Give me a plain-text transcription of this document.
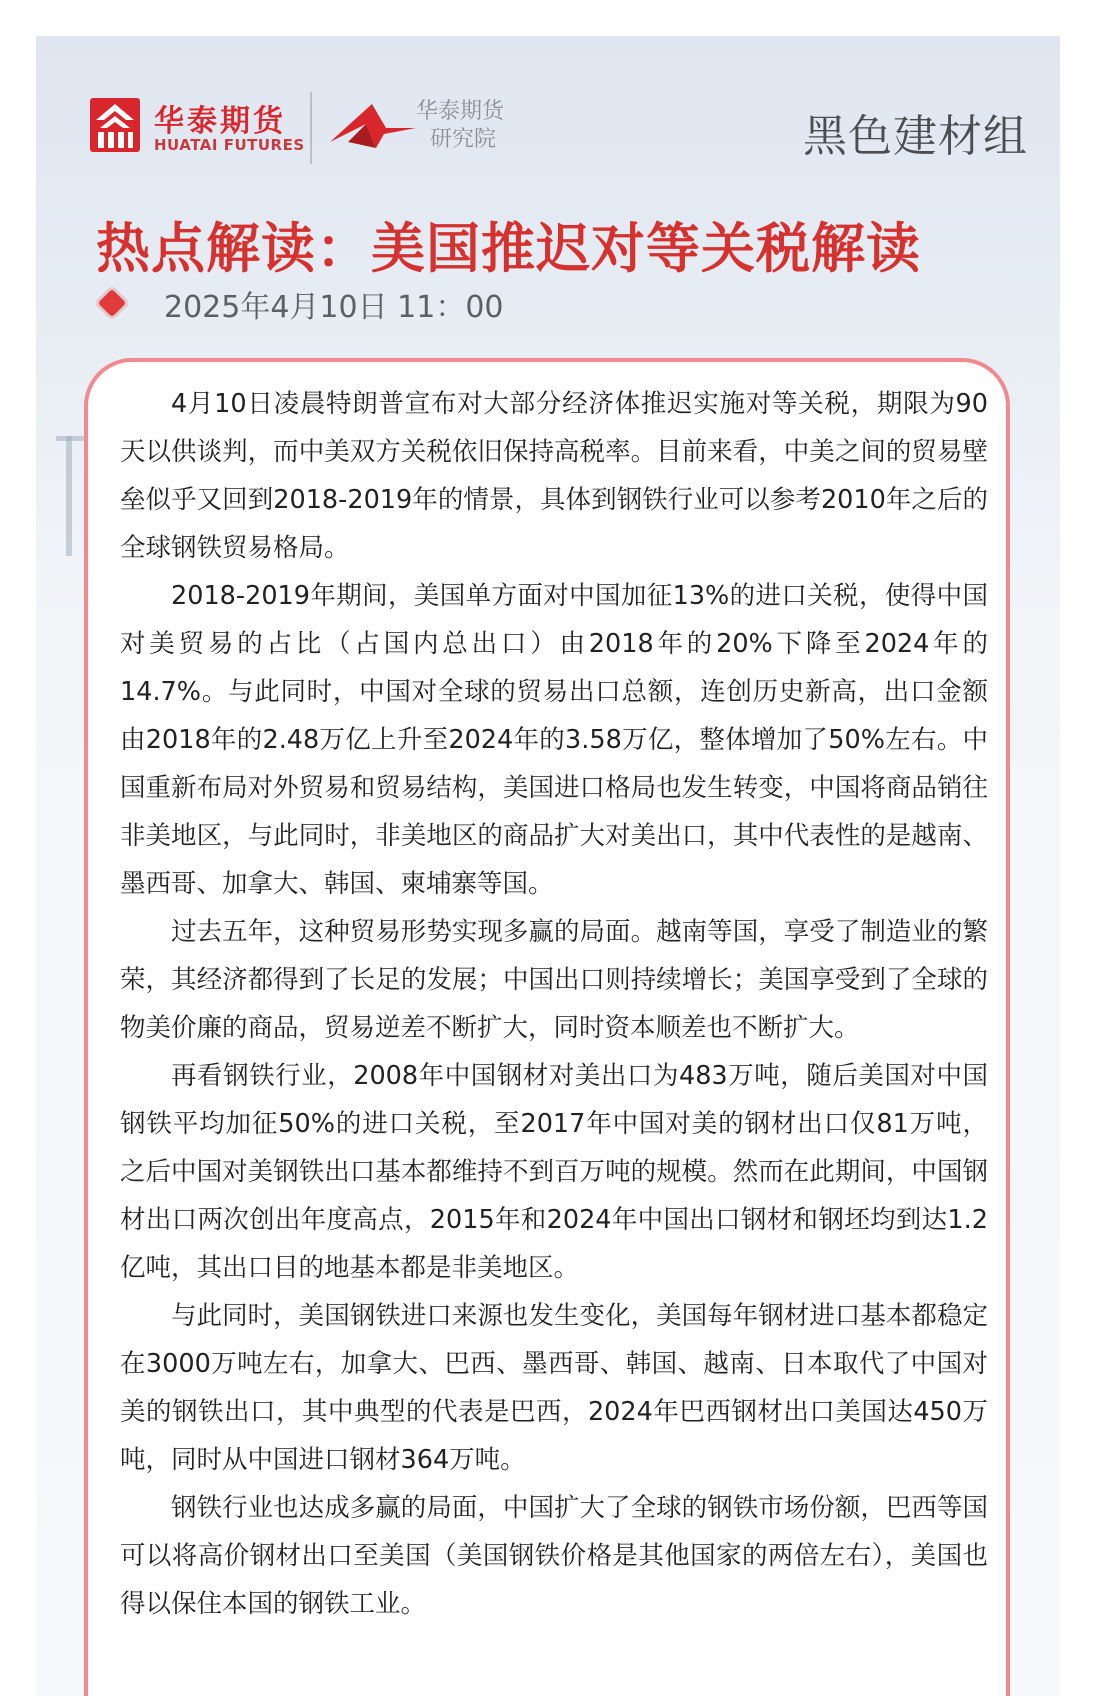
华泰期货
HUATAI FUTURES
华泰期货
研究院	黑色建材组
热点解读：美国推迟对等关税解读
2025年4月10日 11：00

4月10日凌晨特朗普宣布对大部分经济体推迟实施对等关税，期限为90天以供谈判，而中美双方关税依旧保持高税率。目前来看，中美之间的贸易壁垒似乎又回到2018-2019年的情景，具体到钢铁行业可以参考2010年之后的全球钢铁贸易格局。

2018-2019年期间，美国单方面对中国加征13%的进口关税，使得中国对美贸易的占比（占国内总出口）由2018年的20%下降至2024年的14.7%。与此同时，中国对全球的贸易出口总额，连创历史新高，出口金额由2018年的2.48万亿上升至2024年的3.58万亿，整体增加了50%左右。中国重新布局对外贸易和贸易结构，美国进口格局也发生转变，中国将商品销往非美地区，与此同时，非美地区的商品扩大对美出口，其中代表性的是越南、墨西哥、加拿大、韩国、柬埔寨等国。

过去五年，这种贸易形势实现多赢的局面。越南等国，享受了制造业的繁荣，其经济都得到了长足的发展；中国出口则持续增长；美国享受到了全球的物美价廉的商品，贸易逆差不断扩大，同时资本顺差也不断扩大。

再看钢铁行业，2008年中国钢材对美出口为483万吨，随后美国对中国钢铁平均加征50%的进口关税，至2017年中国对美的钢材出口仅81万吨，之后中国对美钢铁出口基本都维持不到百万吨的规模。然而在此期间，中国钢材出口两次创出年度高点，2015年和2024年中国出口钢材和钢坯均到达1.2亿吨，其出口目的地基本都是非美地区。

与此同时，美国钢铁进口来源也发生变化，美国每年钢材进口基本都稳定在3000万吨左右，加拿大、巴西、墨西哥、韩国、越南、日本取代了中国对美的钢铁出口，其中典型的代表是巴西，2024年巴西钢材出口美国达450万吨，同时从中国进口钢材364万吨。

钢铁行业也达成多赢的局面，中国扩大了全球的钢铁市场份额，巴西等国可以将高价钢材出口至美国（美国钢铁价格是其他国家的两倍左右），美国也得以保住本国的钢铁工业。
